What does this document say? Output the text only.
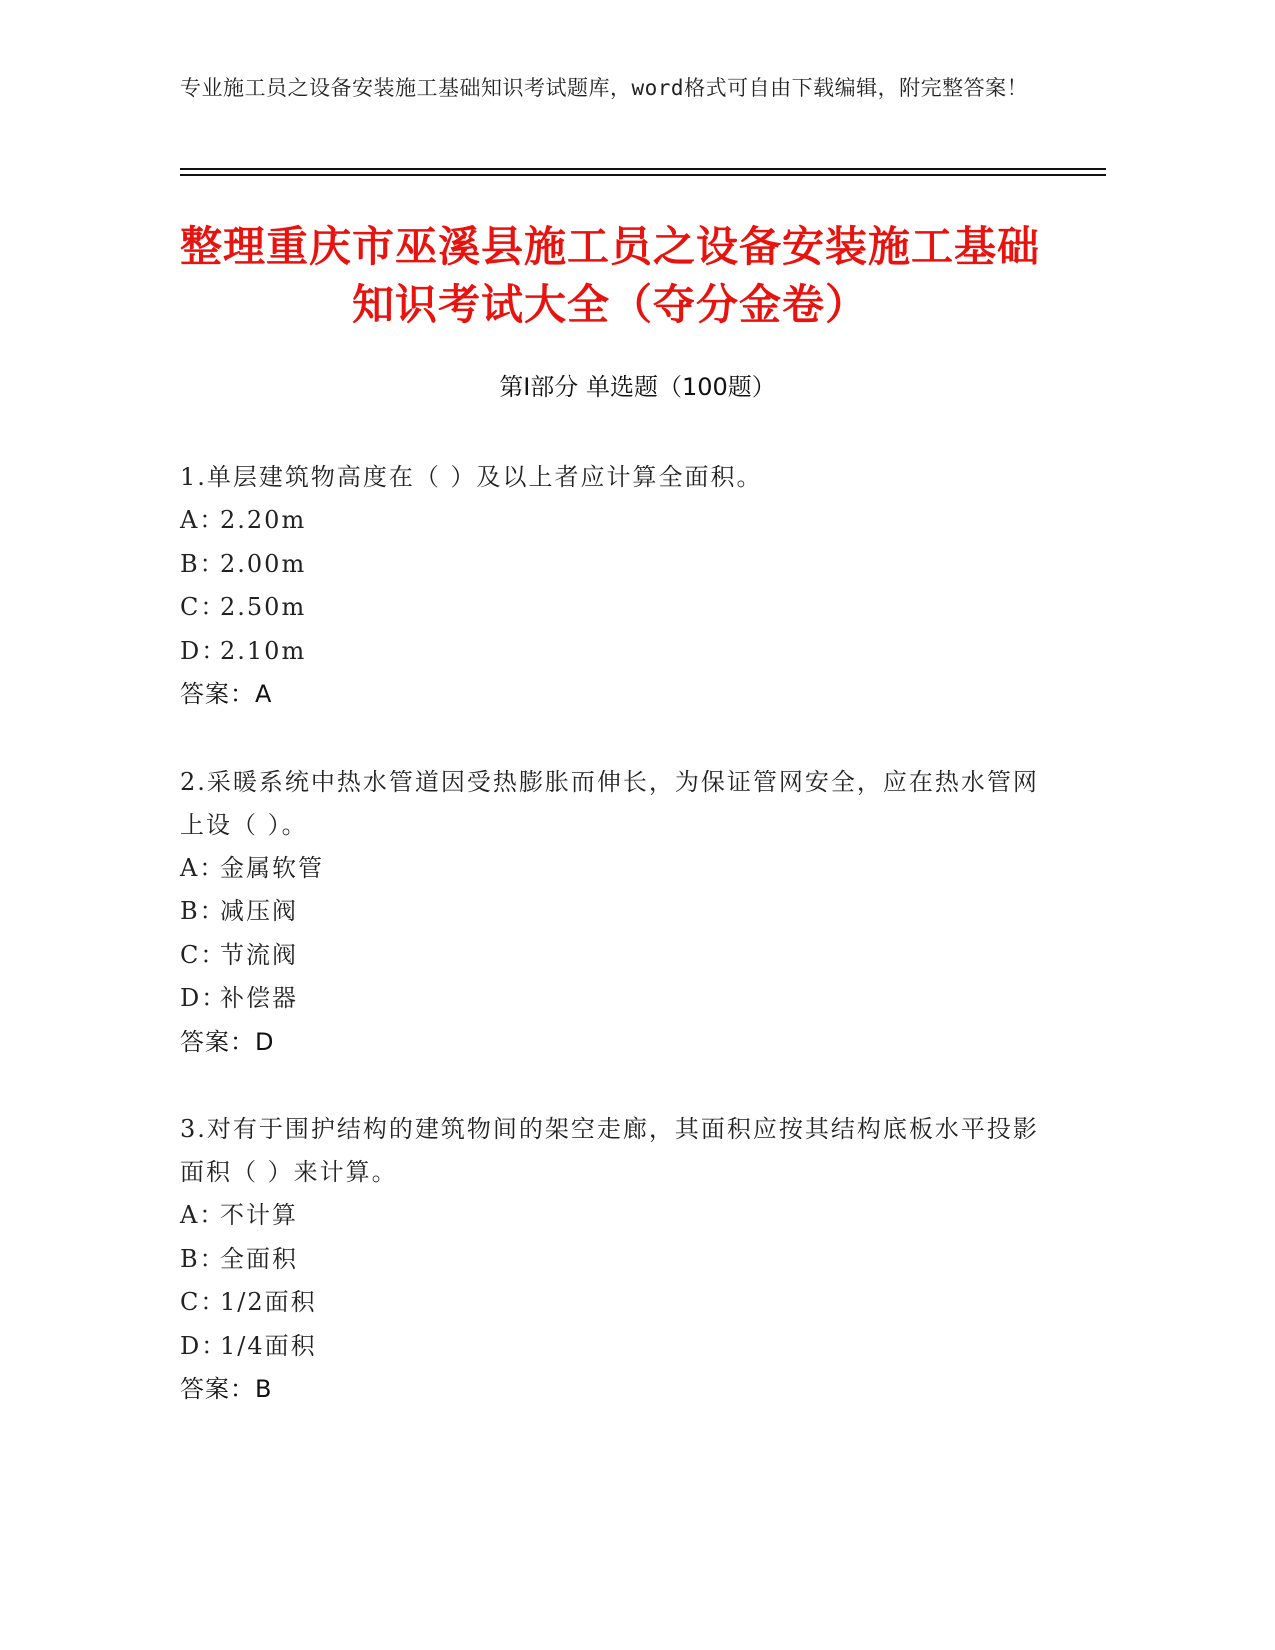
专业施工员之设备安装施工基础知识考试题库，word格式可自由下载编辑，附完整答案！
整理重庆市巫溪县施工员之设备安装施工基础知识考试大全（夺分金卷）
第Ⅰ部分 单选题（100题）

1.单层建筑物高度在（ ）及以上者应计算全面积。

A：
2.20m
B：
2.00m
C：
2.50m
D：
2.10m
答案：A

2.采暖系统中热水管道因受热膨胀而伸长，为保证管网安全，应在热水管网上设（ ）。

A：
金属软管
B：
减压阀
C：
节流阀
D：
补偿器
答案：D

3.对有于围护结构的建筑物间的架空走廊，其面积应按其结构底板水平投影面积（ ）来计算。

A：
不计算
B：
全面积
C：
1/2面积
D：
1/4面积
答案：B
